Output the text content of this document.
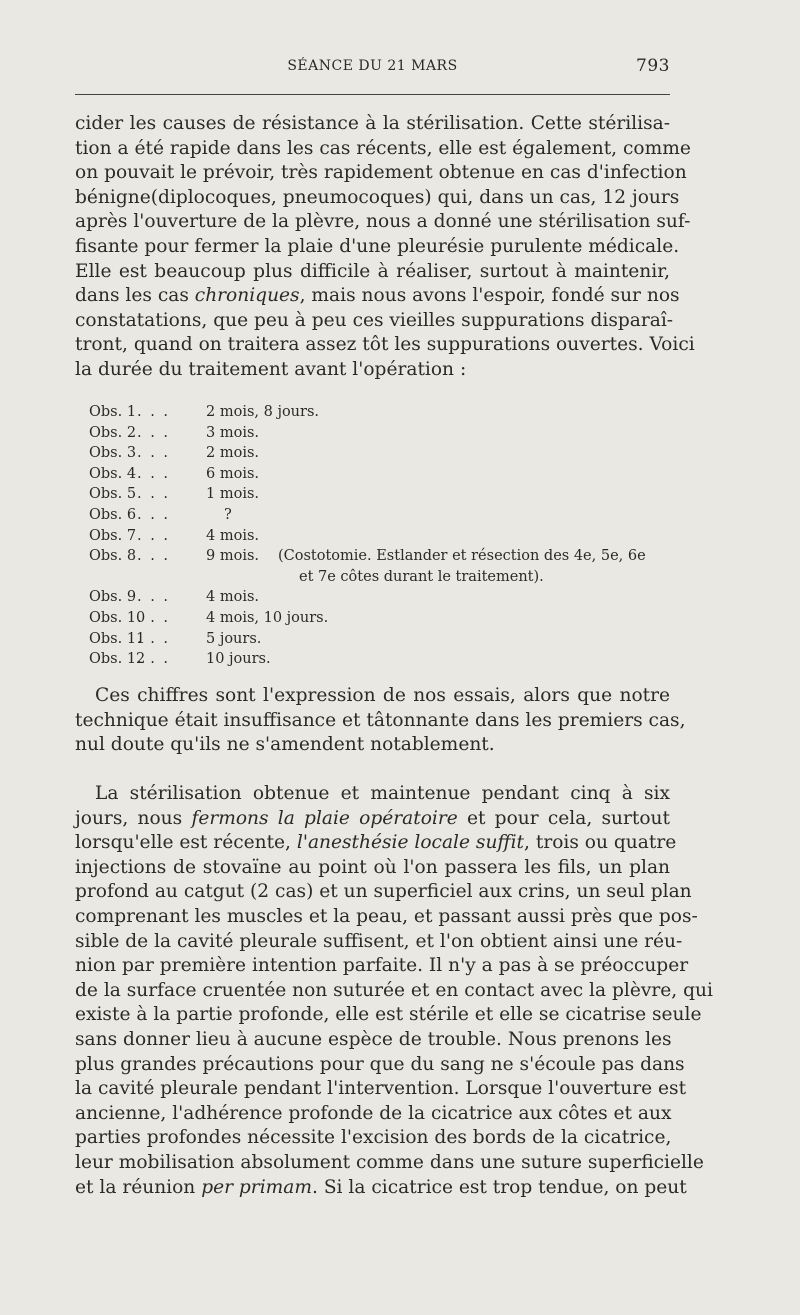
SÉANCE DU 21 MARS	793
cider les causes de résistance à la stérilisation. Cette stérilisa-
tion a été rapide dans les cas récents, elle est également, comme
on pouvait le prévoir, très rapidement obtenue en cas d'infection
bénigne(diplocoques, pneumocoques) qui, dans un cas, 12 jours
après l'ouverture de la plèvre, nous a donné une stérilisation suf-
fisante pour fermer la plaie d'une pleurésie purulente médicale.
Elle est beaucoup plus difficile à réaliser, surtout à maintenir,
dans les cas chroniques, mais nous avons l'espoir, fondé sur nos
constatations, que peu à peu ces vieilles suppurations disparaî-
tront, quand on traitera assez tôt les suppurations ouvertes. Voici
la durée du traitement avant l'opération :
Obs. 1 . . . 2 mois, 8 jours.
Obs. 2 . . . 3 mois.
Obs. 3 . . . 2 mois.
Obs. 4 . . . 6 mois.
Obs. 5 . . . 1 mois.
Obs. 6 . . .	?
Obs. 7 . . . 4 mois.
Obs. 8 . . . 9 mois. (Costotomie. Estlander et résection des 4e, 5e, 6e
et 7e côtes durant le traitement).
Obs. 9 . . . 4 mois.
Obs. 10
. . . 4 mois, 10 jours.
Obs. 11
. . . 5 jours.
Obs. 12
. . . 10 jours.
Ces chiffres sont l'expression de nos essais, alors que notre
technique était insuffisance et tâtonnante dans les premiers cas,
nul doute qu'ils ne s'amendent notablement.
La stérilisation obtenue et maintenue pendant cinq à six
jours, nous fermons la plaie opératoire et pour cela, surtout
lorsqu'elle est récente, l'anesthésie locale suffit, trois ou quatre
injections de stovaïne au point où l'on passera les fils, un plan
profond au catgut (2 cas) et un superficiel aux crins, un seul plan
comprenant les muscles et la peau, et passant aussi près que pos-
sible de la cavité pleurale suffisent, et l'on obtient ainsi une réu-
nion par première intention parfaite. Il n'y a pas à se préoccuper
de la surface cruentée non suturée et en contact avec la plèvre, qui
existe à la partie profonde, elle est stérile et elle se cicatrise seule
sans donner lieu à aucune espèce de trouble. Nous prenons les
plus grandes précautions pour que du sang ne s'écoule pas dans
la cavité pleurale pendant l'intervention. Lorsque l'ouverture est
ancienne, l'adhérence profonde de la cicatrice aux côtes et aux
parties profondes nécessite l'excision des bords de la cicatrice,
leur mobilisation absolument comme dans une suture superficielle
et la réunion per primam. Si la cicatrice est trop tendue, on peut
